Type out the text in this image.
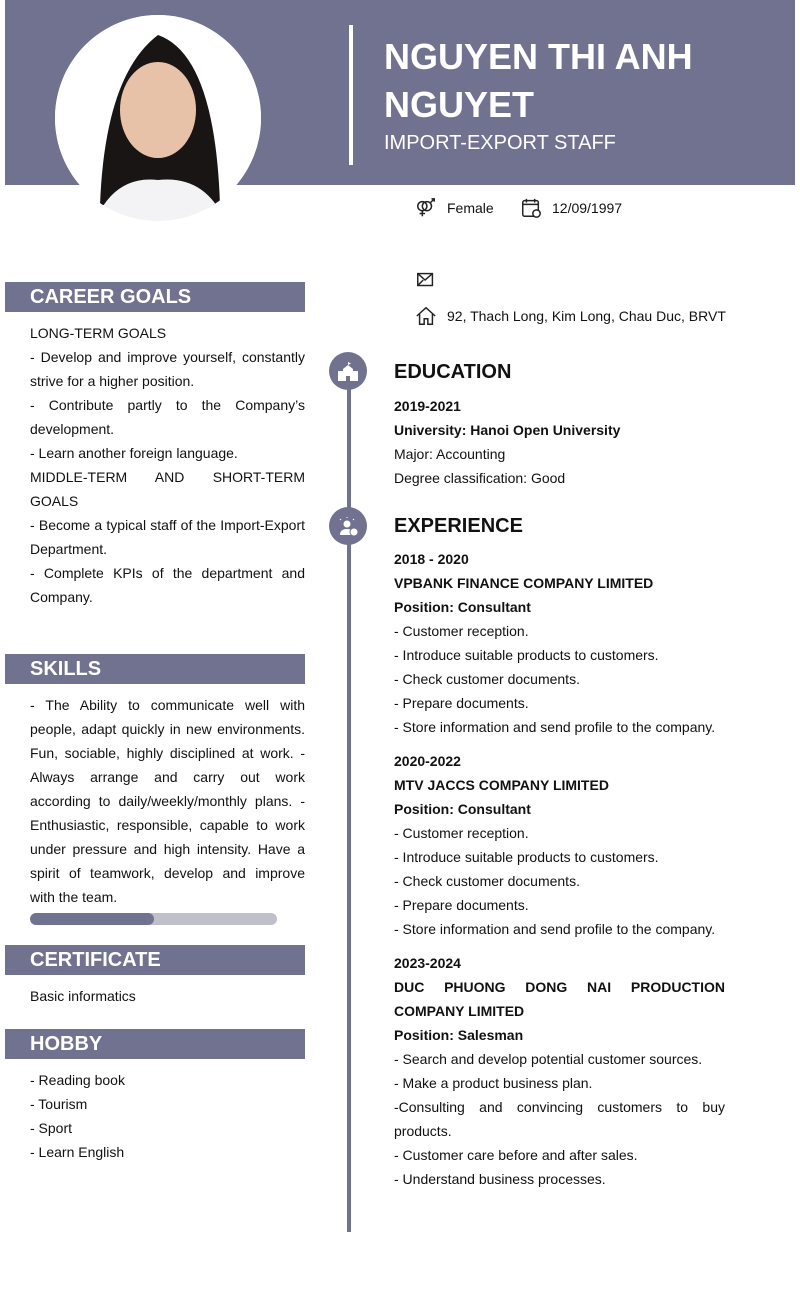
NGUYEN THI ANH NGUYET
IMPORT-EXPORT STAFF
Female	12/09/1997
92, Thach Long, Kim Long, Chau Duc, BRVT
CAREER GOALS
LONG-TERM GOALS
- Develop and improve yourself, constantly strive for a higher position.
- Contribute partly to the Company’s development.
- Learn another foreign language.
MIDDLE-TERM AND SHORT-TERM GOALS
- Become a typical staff of the Import-Export Department.
- Complete KPIs of the department and Company.
SKILLS
- The Ability to communicate well with people, adapt quickly in new environments. Fun, sociable, highly disciplined at work. - Always arrange and carry out work according to daily/weekly/monthly plans. - Enthusiastic, responsible, capable to work under pressure and high intensity. Have a spirit of teamwork, develop and improve with the team.
CERTIFICATE
Basic informatics
HOBBY
- Reading book
- Tourism
- Sport
- Learn English
EDUCATION
2019-2021
University: Hanoi Open University
Major: Accounting
Degree classification: Good
EXPERIENCE
2018 - 2020
VPBANK FINANCE COMPANY LIMITED
Position: Consultant
- Customer reception.
- Introduce suitable products to customers.
- Check customer documents.
- Prepare documents.
- Store information and send profile to the company.
2020-2022
MTV JACCS COMPANY LIMITED
Position: Consultant
- Customer reception.
- Introduce suitable products to customers.
- Check customer documents.
- Prepare documents.
- Store information and send profile to the company.
2023-2024
DUC PHUONG DONG NAI PRODUCTION COMPANY LIMITED
Position: Salesman
- Search and develop potential customer sources.
- Make a product business plan.
-Consulting and convincing customers to buy products.
- Customer care before and after sales.
- Understand business processes.
